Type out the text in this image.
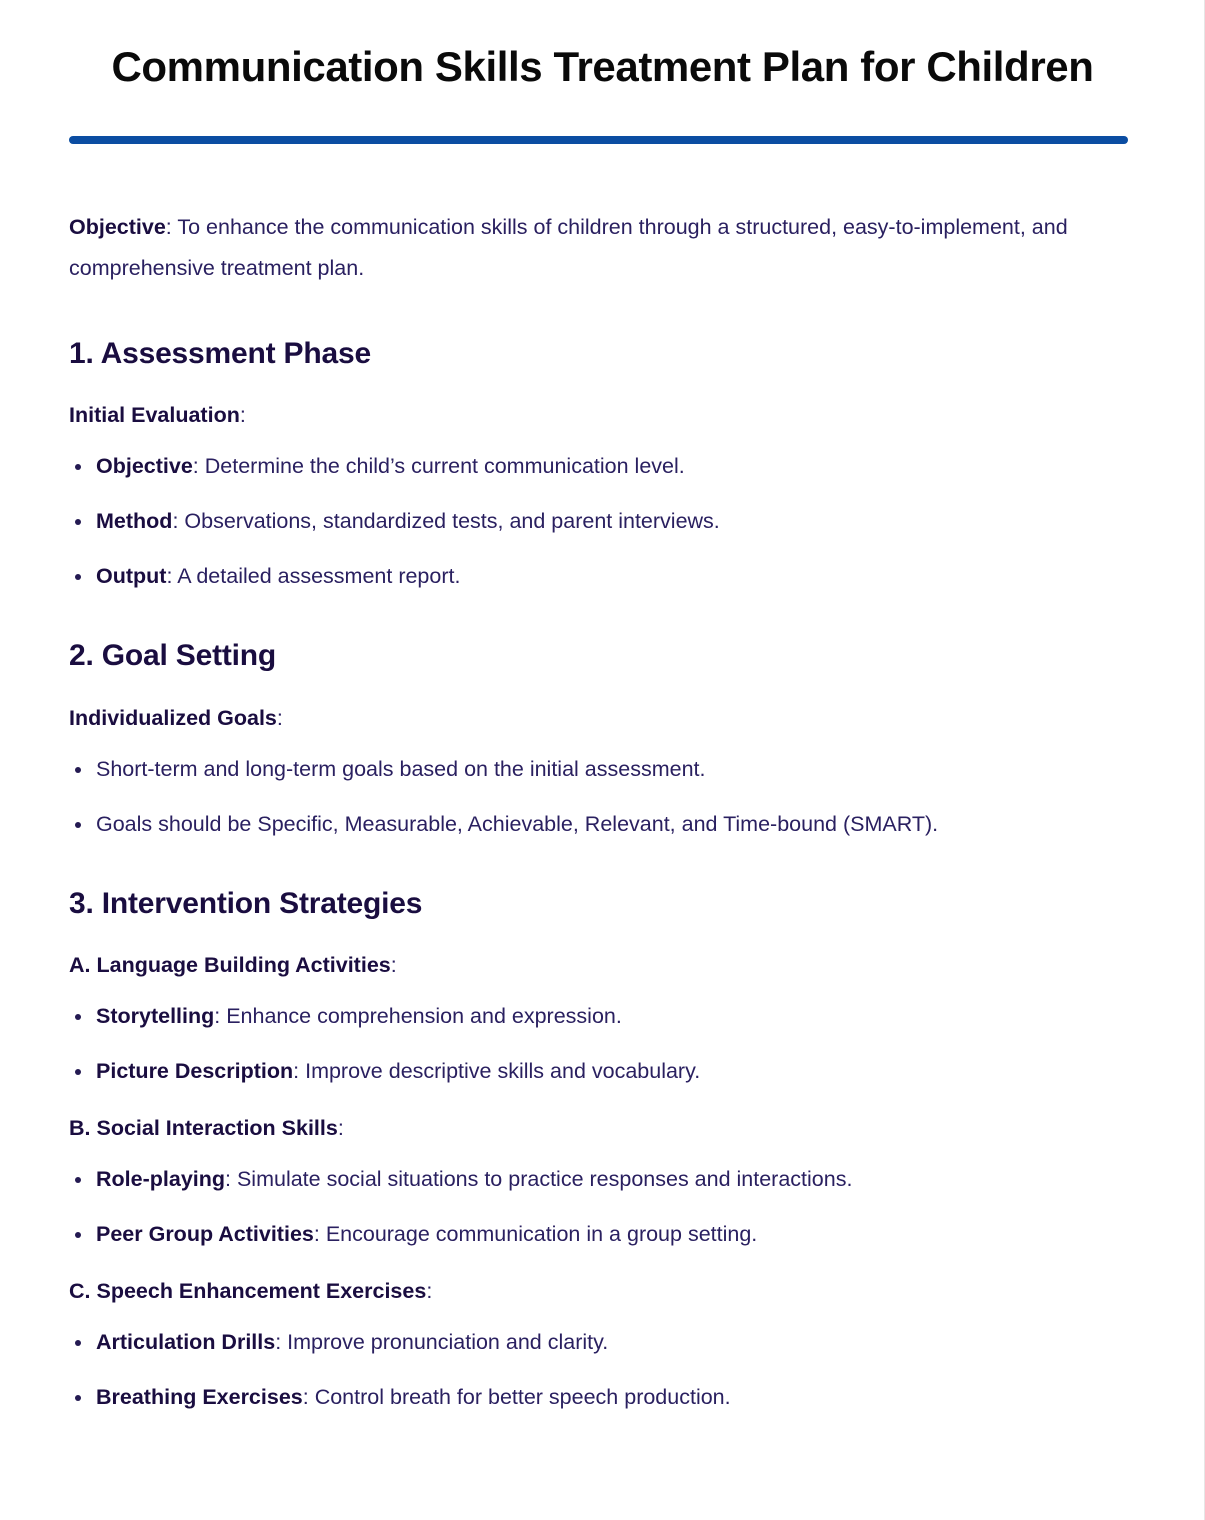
Communication Skills Treatment Plan for Children

Objective: To enhance the communication skills of children through a structured, easy-to-implement, and comprehensive treatment plan.

1. Assessment Phase
Initial Evaluation:
Objective: Determine the child’s current communication level.
Method: Observations, standardized tests, and parent interviews.
Output: A detailed assessment report.
2. Goal Setting
Individualized Goals:
Short-term and long-term goals based on the initial assessment.
Goals should be Specific, Measurable, Achievable, Relevant, and Time-bound (SMART).
3. Intervention Strategies
A. Language Building Activities:
Storytelling: Enhance comprehension and expression.
Picture Description: Improve descriptive skills and vocabulary.
B. Social Interaction Skills:
Role-playing: Simulate social situations to practice responses and interactions.
Peer Group Activities: Encourage communication in a group setting.
C. Speech Enhancement Exercises:
Articulation Drills: Improve pronunciation and clarity.
Breathing Exercises: Control breath for better speech production.
